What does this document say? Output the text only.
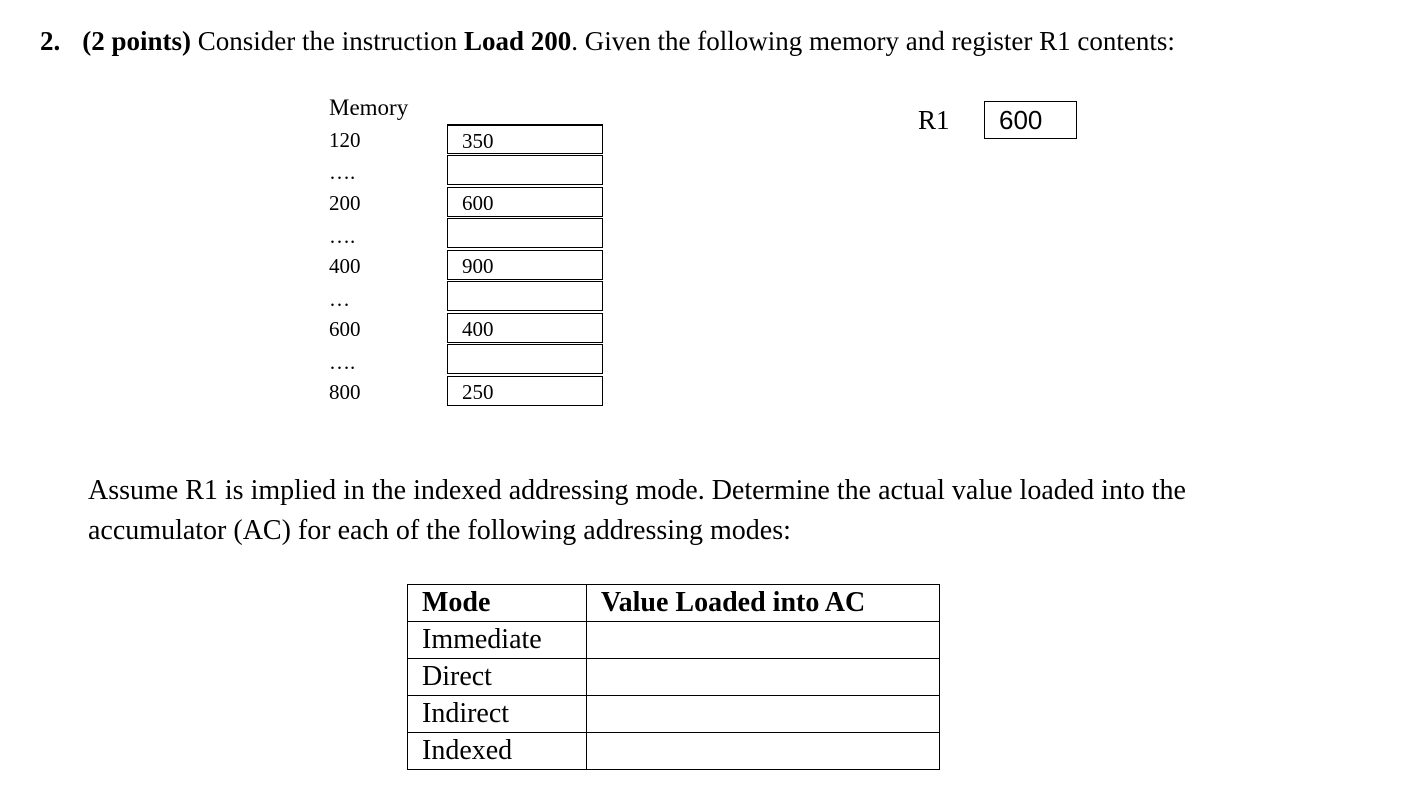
2. (2 points) Consider the instruction Load 200. Given the following memory and register R1 contents:
Memory
120	350
….
200	600
….
400	900
…
600	400
….
800	250
R1	600
Assume R1 is implied in the indexed addressing mode. Determine the actual value loaded into the accumulator (AC) for each of the following addressing modes:
Mode	Value Loaded into AC
Immediate	
Direct	
Indirect	
Indexed	
